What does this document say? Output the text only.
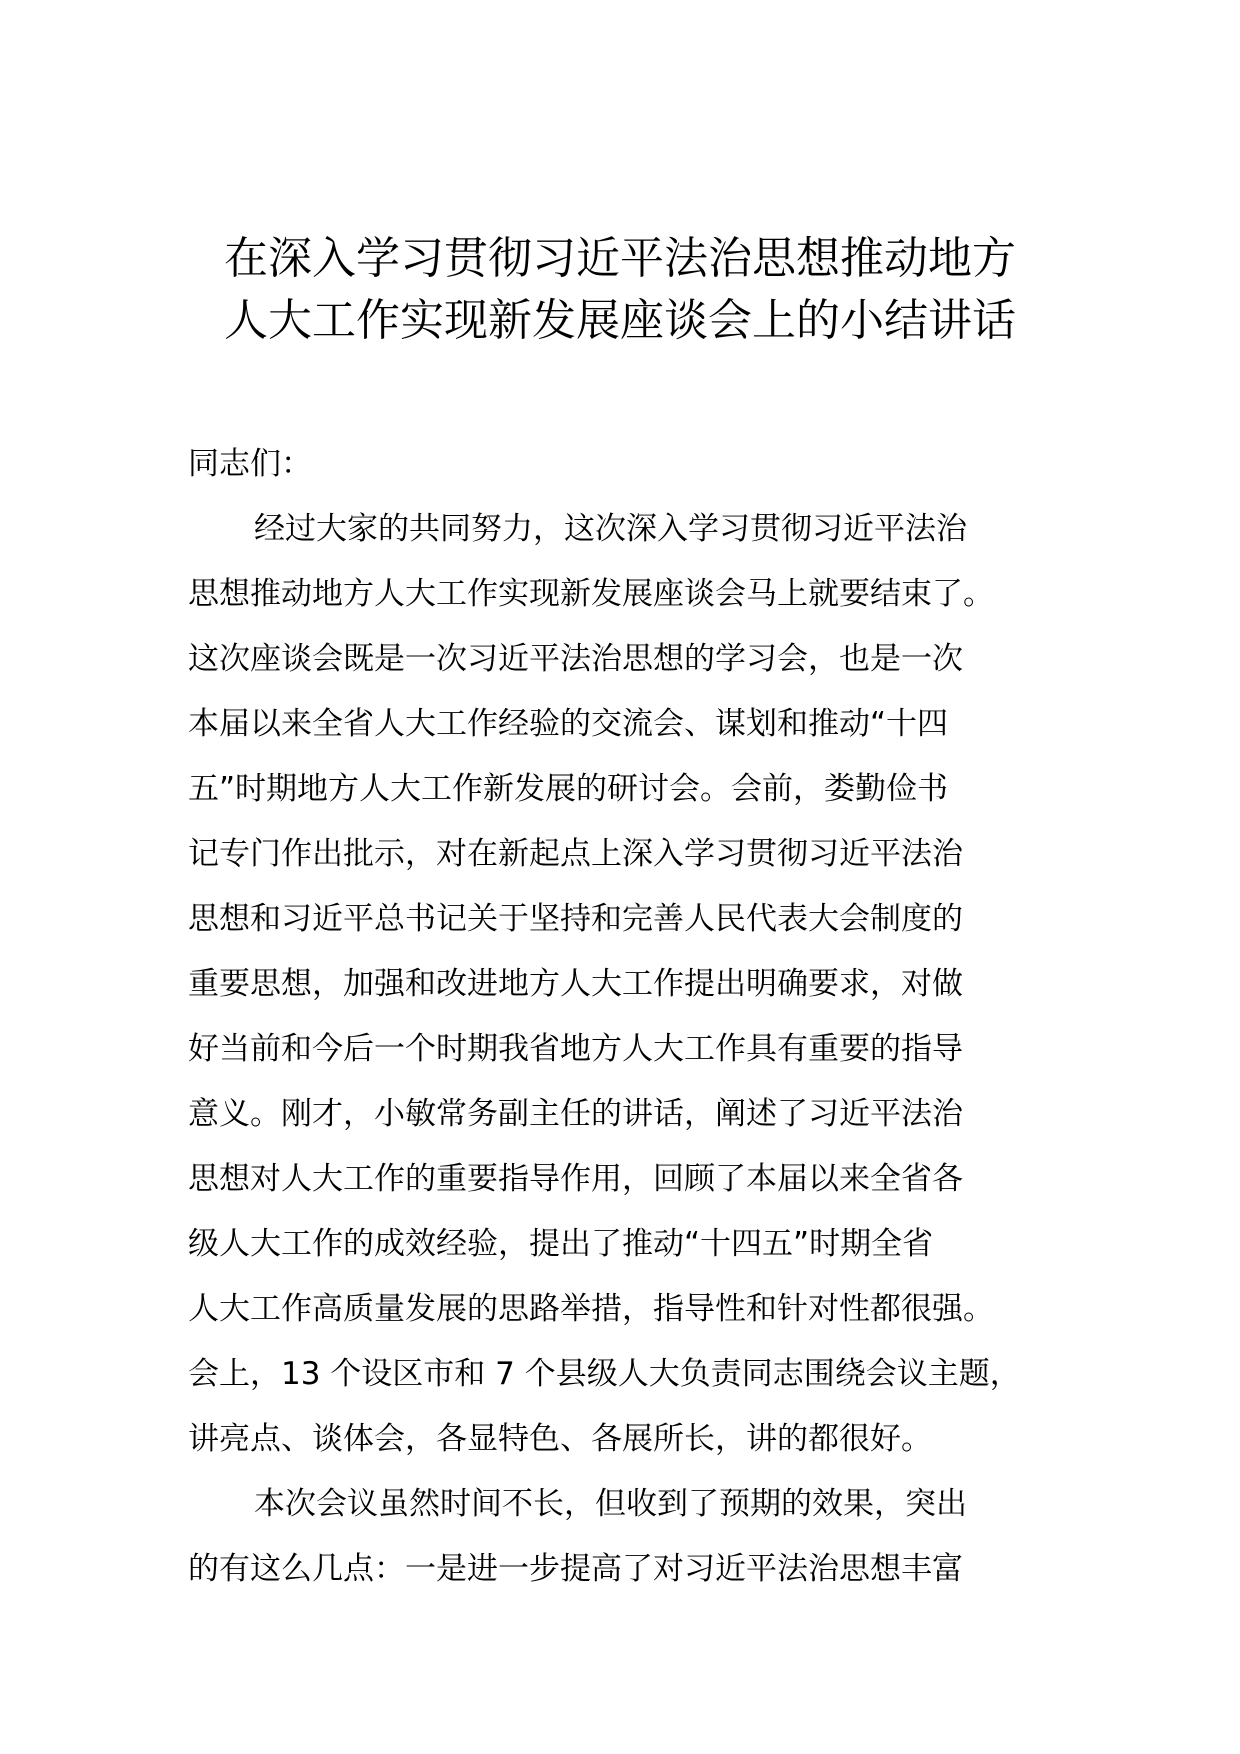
在深入学习贯彻习近平法治思想推动地方
人大工作实现新发展座谈会上的小结讲话
同志们：
经过大家的共同努力，这次深入学习贯彻习近平法治
思想推动地方人大工作实现新发展座谈会马上就要结束了。
这次座谈会既是一次习近平法治思想的学习会，也是一次
本届以来全省人大工作经验的交流会、谋划和推动“十四
五”时期地方人大工作新发展的研讨会。会前，娄勤俭书
记专门作出批示，对在新起点上深入学习贯彻习近平法治
思想和习近平总书记关于坚持和完善人民代表大会制度的
重要思想，加强和改进地方人大工作提出明确要求，对做
好当前和今后一个时期我省地方人大工作具有重要的指导
意义。刚才，小敏常务副主任的讲话，阐述了习近平法治
思想对人大工作的重要指导作用，回顾了本届以来全省各
级人大工作的成效经验，提出了推动“十四五”时期全省
人大工作高质量发展的思路举措，指导性和针对性都很强。
会上，13 个设区市和 7 个县级人大负责同志围绕会议主题，
讲亮点、谈体会，各显特色、各展所长，讲的都很好。
本次会议虽然时间不长，但收到了预期的效果，突出
的有这么几点：一是进一步提高了对习近平法治思想丰富
